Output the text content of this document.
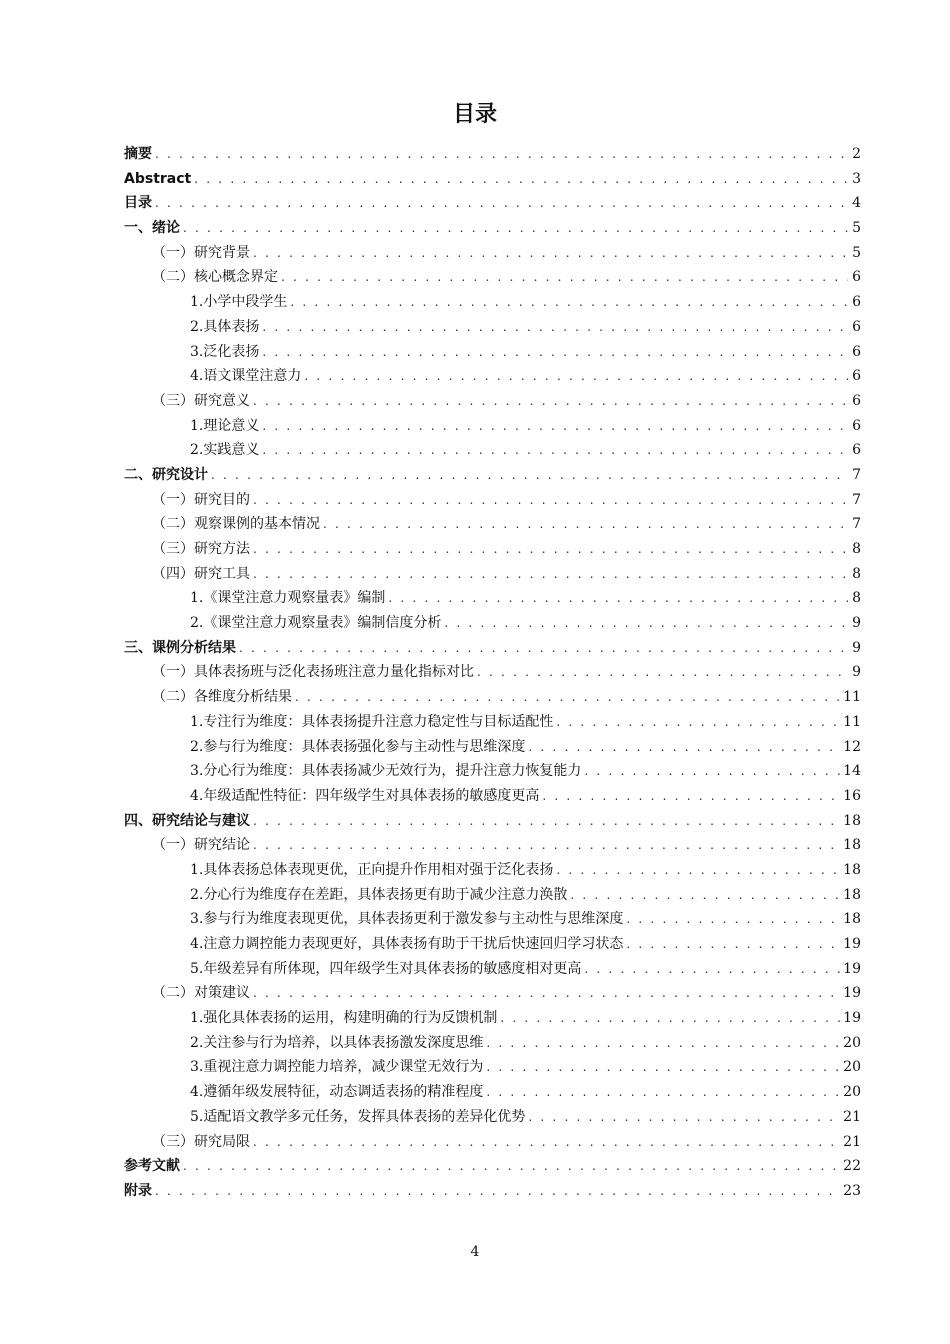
目录
摘要 . . .	2
Abstract . . .	3
目录 . . .	4
一、绪论 . . .	5
（一）研究背景 . . .	5
（二）核心概念界定 . . .	6
1.小学中段学生 . . .	6
2.具体表扬 . . .	6
3.泛化表扬 . . .	6
4.语文课堂注意力 . . .	6
（三）研究意义 . . .	6
1.理论意义 . . .	6
2.实践意义 . . .	6
二、研究设计 . . .	7
（一）研究目的 . . .	7
（二）观察课例的基本情况 . . .	7
（三）研究方法 . . .	8
（四）研究工具 . . .	8
1.《课堂注意力观察量表》编制 . . .	8
2.《课堂注意力观察量表》编制信度分析 . . .	9
三、课例分析结果 . . .	9
（一）具体表扬班与泛化表扬班注意力量化指标对比 . . .	9
（二）各维度分析结果 . . .	11
1.专注行为维度：具体表扬提升注意力稳定性与目标适配性 . . .	11
2.参与行为维度：具体表扬强化参与主动性与思维深度 . . .	12
3.分心行为维度：具体表扬减少无效行为，提升注意力恢复能力 . . .	14
4.年级适配性特征：四年级学生对具体表扬的敏感度更高 . . .	16
四、研究结论与建议 . . .	18
（一）研究结论 . . .	18
1.具体表扬总体表现更优，正向提升作用相对强于泛化表扬 . . .	18
2.分心行为维度存在差距，具体表扬更有助于减少注意力涣散 . . .	18
3.参与行为维度表现更优，具体表扬更利于激发参与主动性与思维深度 . . .	18
4.注意力调控能力表现更好，具体表扬有助于干扰后快速回归学习状态 . . .	19
5.年级差异有所体现，四年级学生对具体表扬的敏感度相对更高 . . .	19
（二）对策建议 . . .	19
1.强化具体表扬的运用，构建明确的行为反馈机制 . . .	19
2.关注参与行为培养，以具体表扬激发深度思维 . . .	20
3.重视注意力调控能力培养，减少课堂无效行为 . . .	20
4.遵循年级发展特征，动态调适表扬的精准程度 . . .	20
5.适配语文教学多元任务，发挥具体表扬的差异化优势 . . .	21
（三）研究局限 . . .	21
参考文献 . . .	22
附录 . . .	23
4
